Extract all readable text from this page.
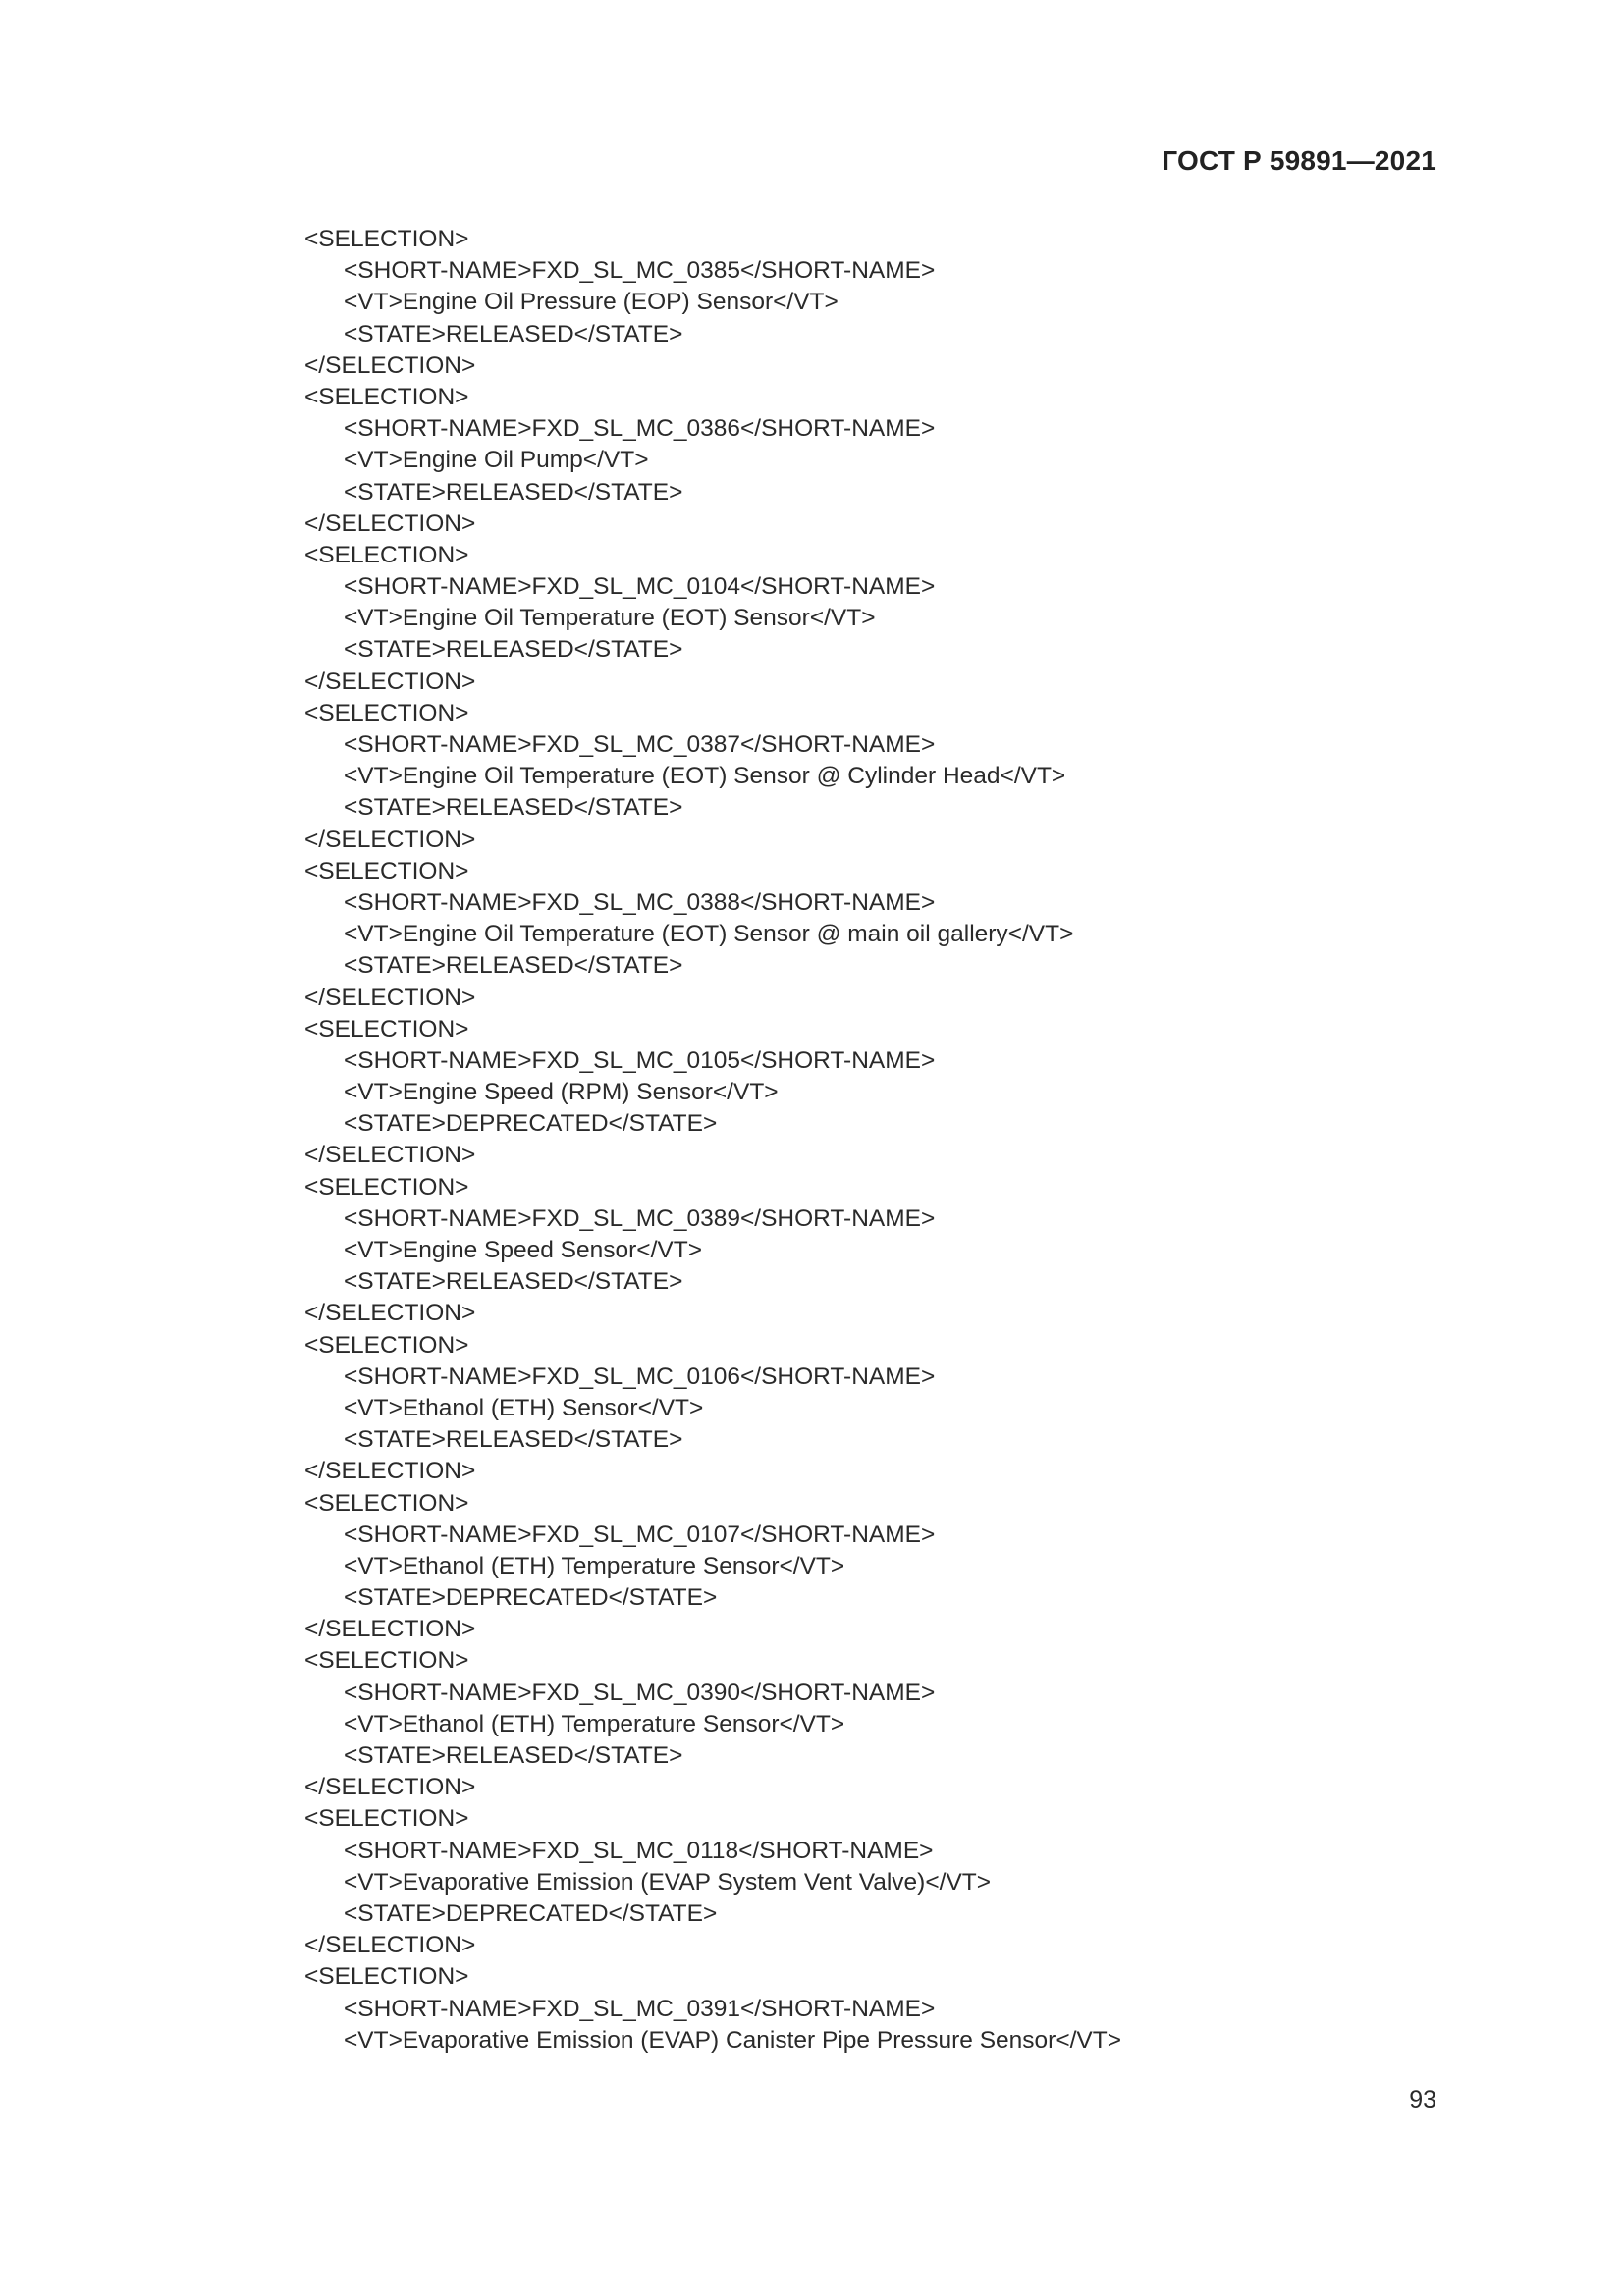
ГОСТ Р 59891—2021
<SELECTION>
<SHORT-NAME>FXD_SL_MC_0385</SHORT-NAME>
<VT>Engine Oil Pressure (EOP) Sensor</VT>
<STATE>RELEASED</STATE>
</SELECTION>
<SELECTION>
<SHORT-NAME>FXD_SL_MC_0386</SHORT-NAME>
<VT>Engine Oil Pump</VT>
<STATE>RELEASED</STATE>
</SELECTION>
<SELECTION>
<SHORT-NAME>FXD_SL_MC_0104</SHORT-NAME>
<VT>Engine Oil Temperature (EOT) Sensor</VT>
<STATE>RELEASED</STATE>
</SELECTION>
<SELECTION>
<SHORT-NAME>FXD_SL_MC_0387</SHORT-NAME>
<VT>Engine Oil Temperature (EOT) Sensor @ Cylinder Head</VT>
<STATE>RELEASED</STATE>
</SELECTION>
<SELECTION>
<SHORT-NAME>FXD_SL_MC_0388</SHORT-NAME>
<VT>Engine Oil Temperature (EOT) Sensor @ main oil gallery</VT>
<STATE>RELEASED</STATE>
</SELECTION>
<SELECTION>
<SHORT-NAME>FXD_SL_MC_0105</SHORT-NAME>
<VT>Engine Speed (RPM) Sensor</VT>
<STATE>DEPRECATED</STATE>
</SELECTION>
<SELECTION>
<SHORT-NAME>FXD_SL_MC_0389</SHORT-NAME>
<VT>Engine Speed Sensor</VT>
<STATE>RELEASED</STATE>
</SELECTION>
<SELECTION>
<SHORT-NAME>FXD_SL_MC_0106</SHORT-NAME>
<VT>Ethanol (ETH) Sensor</VT>
<STATE>RELEASED</STATE>
</SELECTION>
<SELECTION>
<SHORT-NAME>FXD_SL_MC_0107</SHORT-NAME>
<VT>Ethanol (ETH) Temperature Sensor</VT>
<STATE>DEPRECATED</STATE>
</SELECTION>
<SELECTION>
<SHORT-NAME>FXD_SL_MC_0390</SHORT-NAME>
<VT>Ethanol (ETH) Temperature Sensor</VT>
<STATE>RELEASED</STATE>
</SELECTION>
<SELECTION>
<SHORT-NAME>FXD_SL_MC_0118</SHORT-NAME>
<VT>Evaporative Emission (EVAP System Vent Valve)</VT>
<STATE>DEPRECATED</STATE>
</SELECTION>
<SELECTION>
<SHORT-NAME>FXD_SL_MC_0391</SHORT-NAME>
<VT>Evaporative Emission (EVAP) Canister Pipe Pressure Sensor</VT>
93
